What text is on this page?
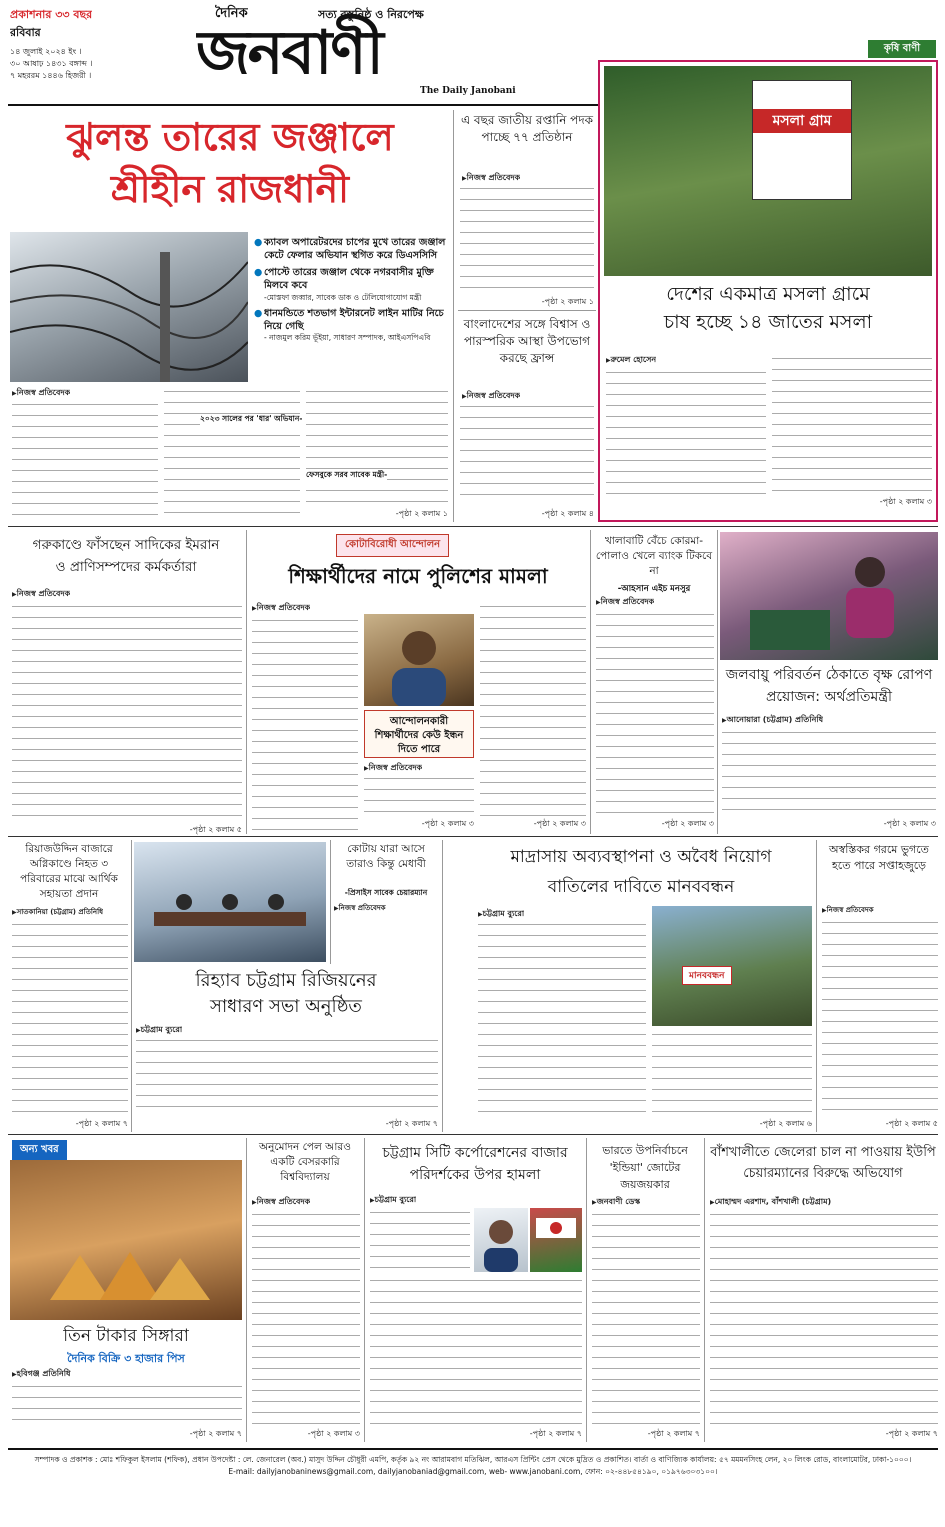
প্রকাশনার ৩৩ বছর
রবিবার
১৪ জুলাই ২০২৪ ইং ।
৩০ আষাঢ় ১৪৩১ বঙ্গাব্দ ।
৭ মহররম ১৪৪৬ হিজরী ।
দৈনিক	সত্য বস্তুনিষ্ঠ ও নিরপেক্ষ
জনবাণী
The Daily Janobani
কৃষি বাণী
ঝুলন্ত তারের জঞ্জালে
শ্রীহীন রাজধানী
● ক্যাবল অপারেটরদের চাপের মুখে তারের জঞ্জাল কেটে ফেলার অভিযান স্থগিত করে ডিএসসিসি
● পোস্টে তারের জঞ্জাল থেকে নগরবাসীর মুক্তি মিলবে কবে
-মোস্তফা জব্বার, সাবেক ডাক ও টেলিযোগাযোগ মন্ত্রী
● ধানমন্ডিতে শতভাগ ইন্টারনেট লাইন মাটির নিচে নিয়ে গেছি
- নাজমুল করিম ভূঁইয়া, সাধারণ সম্পাদক, আইএসপিএবি
▶ নিজস্ব প্রতিবেদক
২০২৩ সালের পর 'ধার' অভিযান-
ফেসবুকে সরব সাবেক মন্ত্রী-
-পৃষ্ঠা ২ কলাম ১
এ বছর জাতীয় রপ্তানি পদক পাচ্ছে ৭৭ প্রতিষ্ঠান
▶ নিজস্ব প্রতিবেদক
-পৃষ্ঠা ২ কলাম ১
বাংলাদেশের সঙ্গে বিশ্বাস ও পারস্পরিক আস্থা উপভোগ করছে ফ্রান্স
▶ নিজস্ব প্রতিবেদক
-পৃষ্ঠা ২ কলাম ৪
মসলা গ্রাম
দেশের একমাত্র মসলা গ্রামে
চাষ হচ্ছে ১৪ জাতের মসলা
▶ রুমেল হোসেন
-পৃষ্ঠা ২ কলাম ৩
গরুকাণ্ডে ফাঁসছেন সাদিকের ইমরান
ও প্রাণিসম্পদের কর্মকর্তারা
▶ নিজস্ব প্রতিবেদক
-পৃষ্ঠা ২ কলাম ৫
কোটাবিরোধী আন্দোলন
শিক্ষার্থীদের নামে পুলিশের মামলা
▶ নিজস্ব প্রতিবেদক
আন্দোলনকারী শিক্ষার্থীদের কেউ ইন্ধন দিতে পারে
▶ নিজস্ব প্রতিবেদক
-পৃষ্ঠা ২ কলাম ৩	-পৃষ্ঠা ২ কলাম ৩
খালাবাটি বেঁচে কোরমা-পোলাও খেলে ব্যাংক টিকবে না
-আহসান এইচ মনসুর
▶ নিজস্ব প্রতিবেদক
-পৃষ্ঠা ২ কলাম ৩
জলবায়ু পরিবর্তন ঠেকাতে বৃক্ষ রোপণ প্রয়োজন: অর্থপ্রতিমন্ত্রী
▶ আনোয়ারা (চট্টগ্রাম) প্রতিনিধি
-পৃষ্ঠা ২ কলাম ৩
রিয়াজউদ্দিন বাজারে অগ্নিকাণ্ডে নিহত ৩ পরিবারের মাঝে আর্থিক সহায়তা প্রদান
▶ সাতকানিয়া (চট্টগ্রাম) প্রতিনিধি
-পৃষ্ঠা ২ কলাম ৭
রিহ্যাব চট্টগ্রাম রিজিয়নের
সাধারণ সভা অনুষ্ঠিত
▶ চট্টগ্রাম ব্যুরো
-পৃষ্ঠা ২ কলাম ৭
কোটায় যারা আসে তারাও কিন্তু মেধাবী
-প্রিসাইস সাবেক চেয়ারম্যান
▶ নিজস্ব প্রতিবেদক
মাদ্রাসায় অব্যবস্থাপনা ও অবৈধ নিয়োগ
বাতিলের দাবিতে মানববন্ধন
▶ চট্টগ্রাম ব্যুরো
মানববন্ধন
-পৃষ্ঠা ২ কলাম ৬
অস্বস্তিকর গরমে ভুগতে হতে পারে সপ্তাহজুড়ে
▶ নিজস্ব প্রতিবেদক
-পৃষ্ঠা ২ কলাম ৫
অন্য খবর
তিন টাকার সিঙ্গারা
দৈনিক বিক্রি ৩ হাজার পিস
▶ হবিগঞ্জ প্রতিনিধি
-পৃষ্ঠা ২ কলাম ৭
অনুমোদন পেল আরও একটি বেসরকারি বিশ্ববিদ্যালয়
▶ নিজস্ব প্রতিবেদক
-পৃষ্ঠা ২ কলাম ৩
চট্টগ্রাম সিটি কর্পোরেশনের বাজার পরিদর্শকের উপর হামলা
▶ চট্টগ্রাম ব্যুরো
-পৃষ্ঠা ২ কলাম ৭
ভারতে উপনির্বাচনে 'ইন্ডিয়া' জোটের জয়জয়কার
▶ জনবাণী ডেস্ক
-পৃষ্ঠা ২ কলাম ৭
বাঁশখালীতে জেলেরা চাল না পাওয়ায় ইউপি চেয়ারম্যানের বিরুদ্ধে অভিযোগ
▶ মোহাম্মদ এরশাদ, বাঁশখালী (চট্টগ্রাম)
-পৃষ্ঠা ২ কলাম ৭
সম্পাদক ও প্রকাশক : মোঃ শফিকুল ইসলাম (শফিক), প্রধান উপদেষ্টা : লে. জেনারেল (অব.) মাসুদ উদ্দিন চৌধুরী এমপি, কর্তৃক ৯২ নং আরামবাগ মতিঝিল, আরএস প্রিন্টিং প্রেস থেকে মুদ্রিত ও প্রকাশিত। বার্তা ও বাণিজ্যিক কার্যালয়: ৫৭ মমমনসিংহ লেন, ২০ লিংক রোড, বাংলামোটর, ঢাকা-১০০০।
E-mail: dailyjanobaninews@gmail.com, dailyjanobaniad@gmail.com, web- www.janobani.com, ফোন: ০২-৪৪৮৫৪১৯০, ০১৯৭৬৩০৩১০০।
